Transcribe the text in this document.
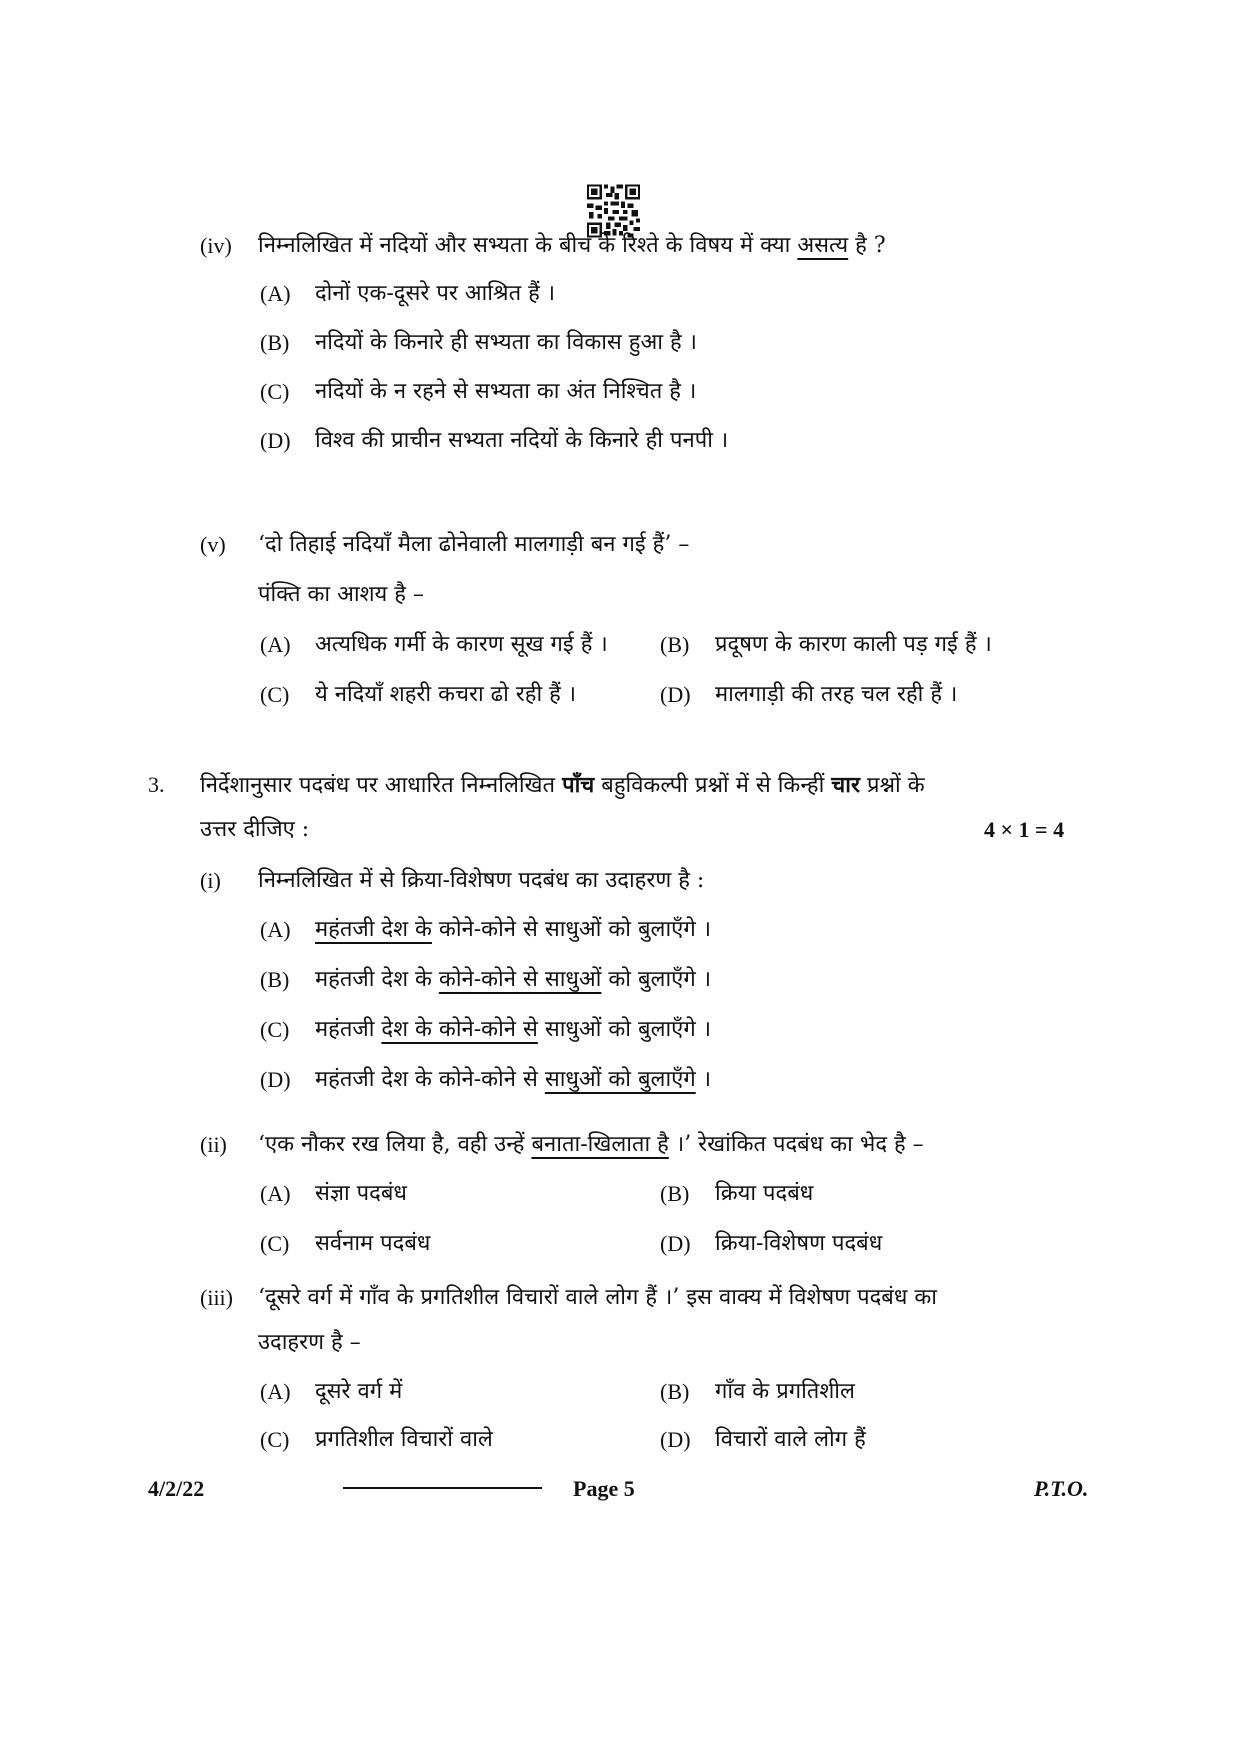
(iv) निम्नलिखित में नदियों और सभ्यता के बीच के रिश्ते के विषय में क्या असत्य है ?
(A) दोनों एक-दूसरे पर आश्रित हैं ।
(B) नदियों के किनारे ही सभ्यता का विकास हुआ है ।
(C) नदियों के न रहने से सभ्यता का अंत निश्चित है ।
(D) विश्व की प्राचीन सभ्यता नदियों के किनारे ही पनपी ।
(v) ‘दो तिहाई नदियाँ मैला ढोनेवाली मालगाड़ी बन गई हैं’ –
पंक्ति का आशय है –
(A) अत्यधिक गर्मी के कारण सूख गई हैं । (B) प्रदूषण के कारण काली पड़ गई हैं ।
(C) ये नदियाँ शहरी कचरा ढो रही हैं ।	(D) मालगाड़ी की तरह चल रही हैं ।
3. निर्देशानुसार पदबंध पर आधारित निम्नलिखित पाँच बहुविकल्पी प्रश्नों में से किन्हीं चार प्रश्नों के
उत्तर दीजिए :	4 × 1 = 4
(i) निम्नलिखित में से क्रिया-विशेषण पदबंध का उदाहरण है :
(A) महंतजी देश के कोने-कोने से साधुओं को बुलाएँगे ।
(B) महंतजी देश के कोने-कोने से साधुओं को बुलाएँगे ।
(C) महंतजी देश के कोने-कोने से साधुओं को बुलाएँगे ।
(D) महंतजी देश के कोने-कोने से साधुओं को बुलाएँगे ।
(ii) ‘एक नौकर रख लिया है, वही उन्हें बनाता-खिलाता है ।’ रेखांकित पदबंध का भेद है –
(A) संज्ञा पदबंध	(B) क्रिया पदबंध
(C) सर्वनाम पदबंध	(D) क्रिया-विशेषण पदबंध
(iii) ‘दूसरे वर्ग में गाँव के प्रगतिशील विचारों वाले लोग हैं ।’ इस वाक्य में विशेषण पदबंध का
उदाहरण है –
(A) दूसरे वर्ग में	(B) गाँव के प्रगतिशील
(C) प्रगतिशील विचारों वाले	(D) विचारों वाले लोग हैं
4/2/22	Page 5	P.T.O.
